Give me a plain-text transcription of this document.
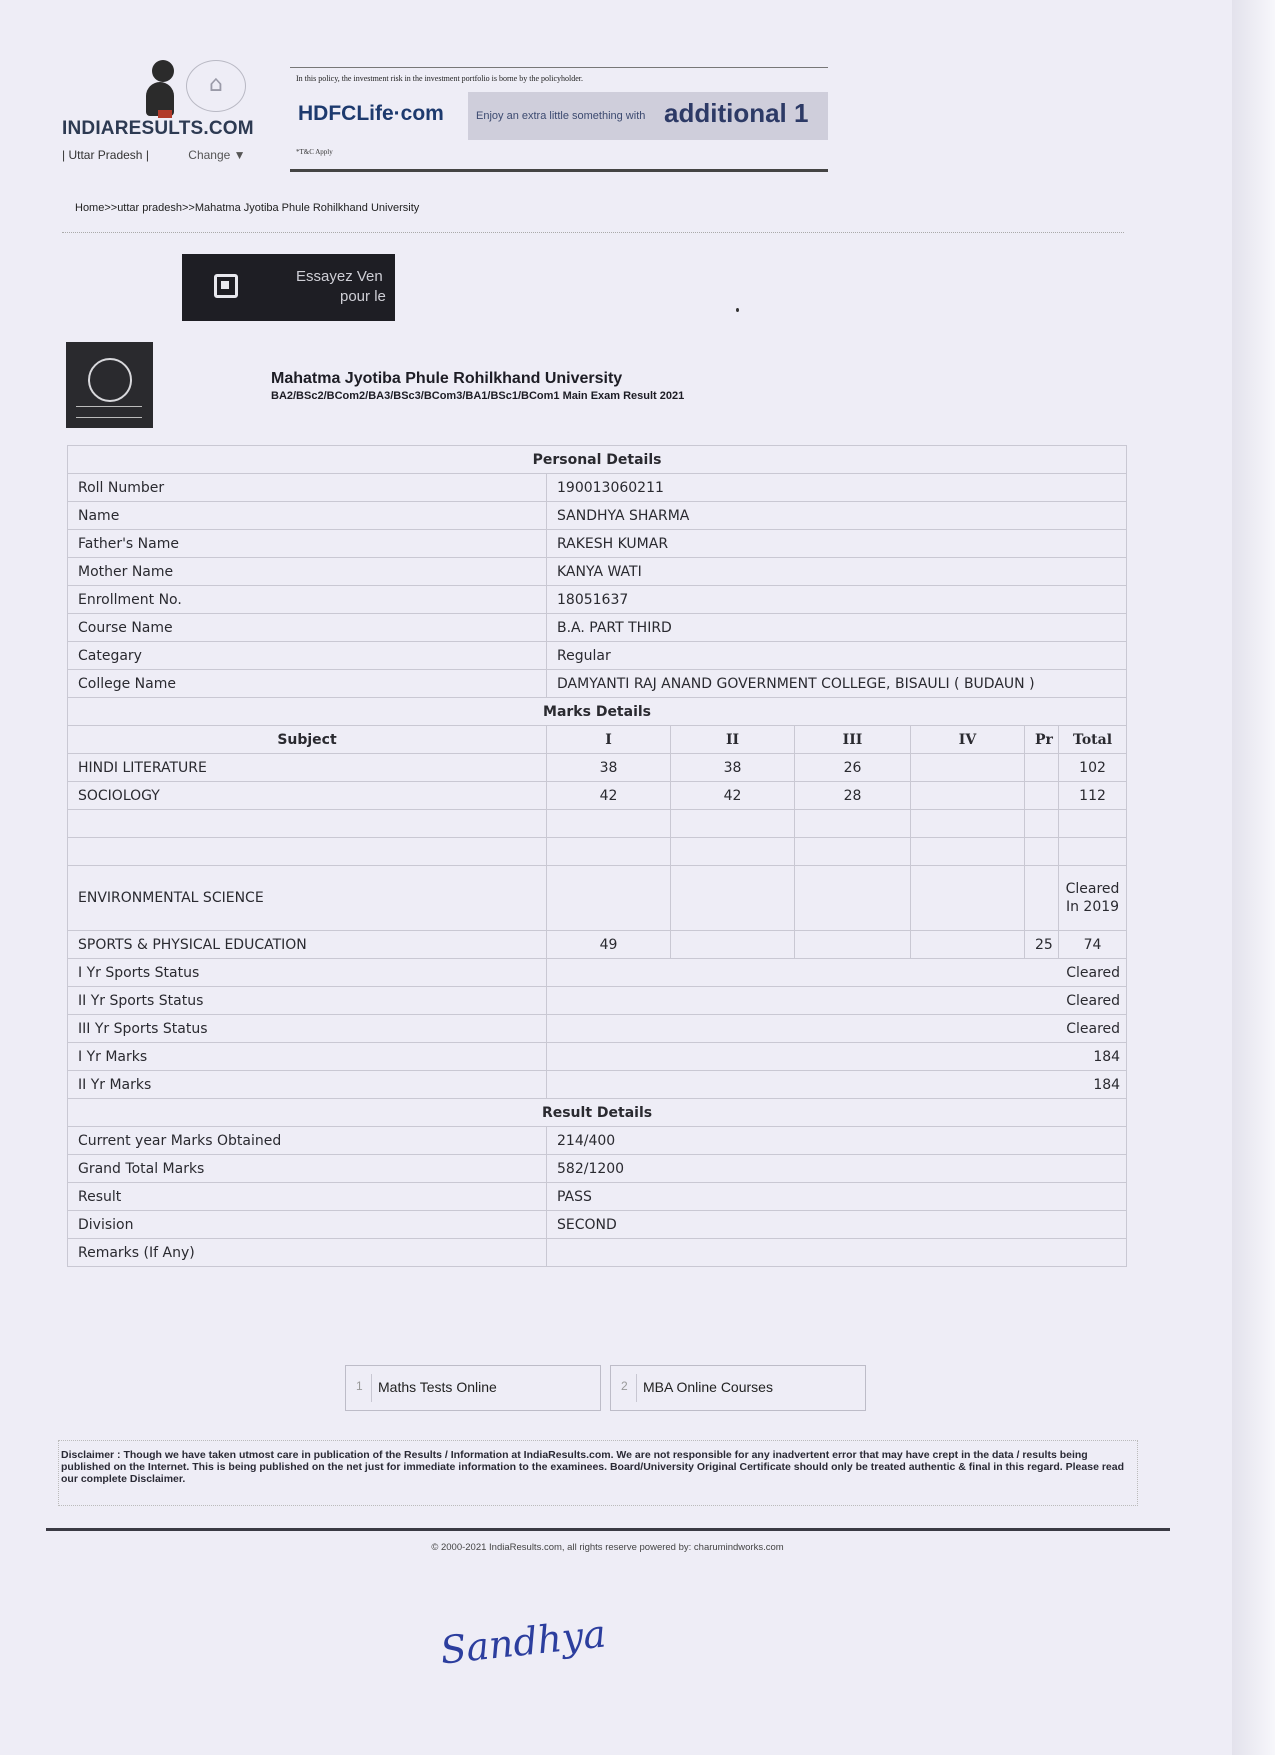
⌂
INDIARESULTS.COM
| Uttar Pradesh |	Change ▼
In this policy, the investment risk in the investment portfolio is borne by the policyholder.
HDFCLife·com	Enjoy an extra little something with additional 1
*T&C Apply
Home>>uttar pradesh>>Mahatma Jyotiba Phule Rohilkhand University
Essayez Ven
pour le
Mahatma Jyotiba Phule Rohilkhand University
BA2/BSc2/BCom2/BA3/BSc3/BCom3/BA1/BSc1/BCom1 Main Exam Result 2021
Personal Details						
Roll Number	190013060211					
Name	SANDHYA SHARMA					
Father's Name	RAKESH KUMAR					
Mother Name	KANYA WATI					
Enrollment No.	18051637					
Course Name	B.A. PART THIRD					
Categary	Regular					
College Name	DAMYANTI RAJ ANAND GOVERNMENT COLLEGE, BISAULI ( BUDAUN )					
Marks Details						
Subject	I	II	III	IV	Pr	Total
HINDI LITERATURE	38	38	26			102
SOCIOLOGY	42	42	28			112

ENVIRONMENTAL SCIENCE						Cleared In 2019
SPORTS & PHYSICAL EDUCATION	49				25	74
I Yr Sports Status	Cleared					
II Yr Sports Status	Cleared					
III Yr Sports Status	Cleared					
I Yr Marks	184					
II Yr Marks	184					
Result Details						
Current year Marks Obtained	214/400					
Grand Total Marks	582/1200					
Result	PASS					
Division	SECOND					
Remarks (If Any)						
1 Maths Tests Online	2 MBA Online Courses
Disclaimer : Though we have taken utmost care in publication of the Results / Information at IndiaResults.com. We are not responsible for any inadvertent error that may have crept in the data / results being published on the Internet. This is being published on the net just for immediate information to the examinees. Board/University Original Certificate should only be treated authentic & final in this regard. Please read our complete Disclaimer.
© 2000-2021 IndiaResults.com, all rights reserve powered by: charumindworks.com
Sandhya
